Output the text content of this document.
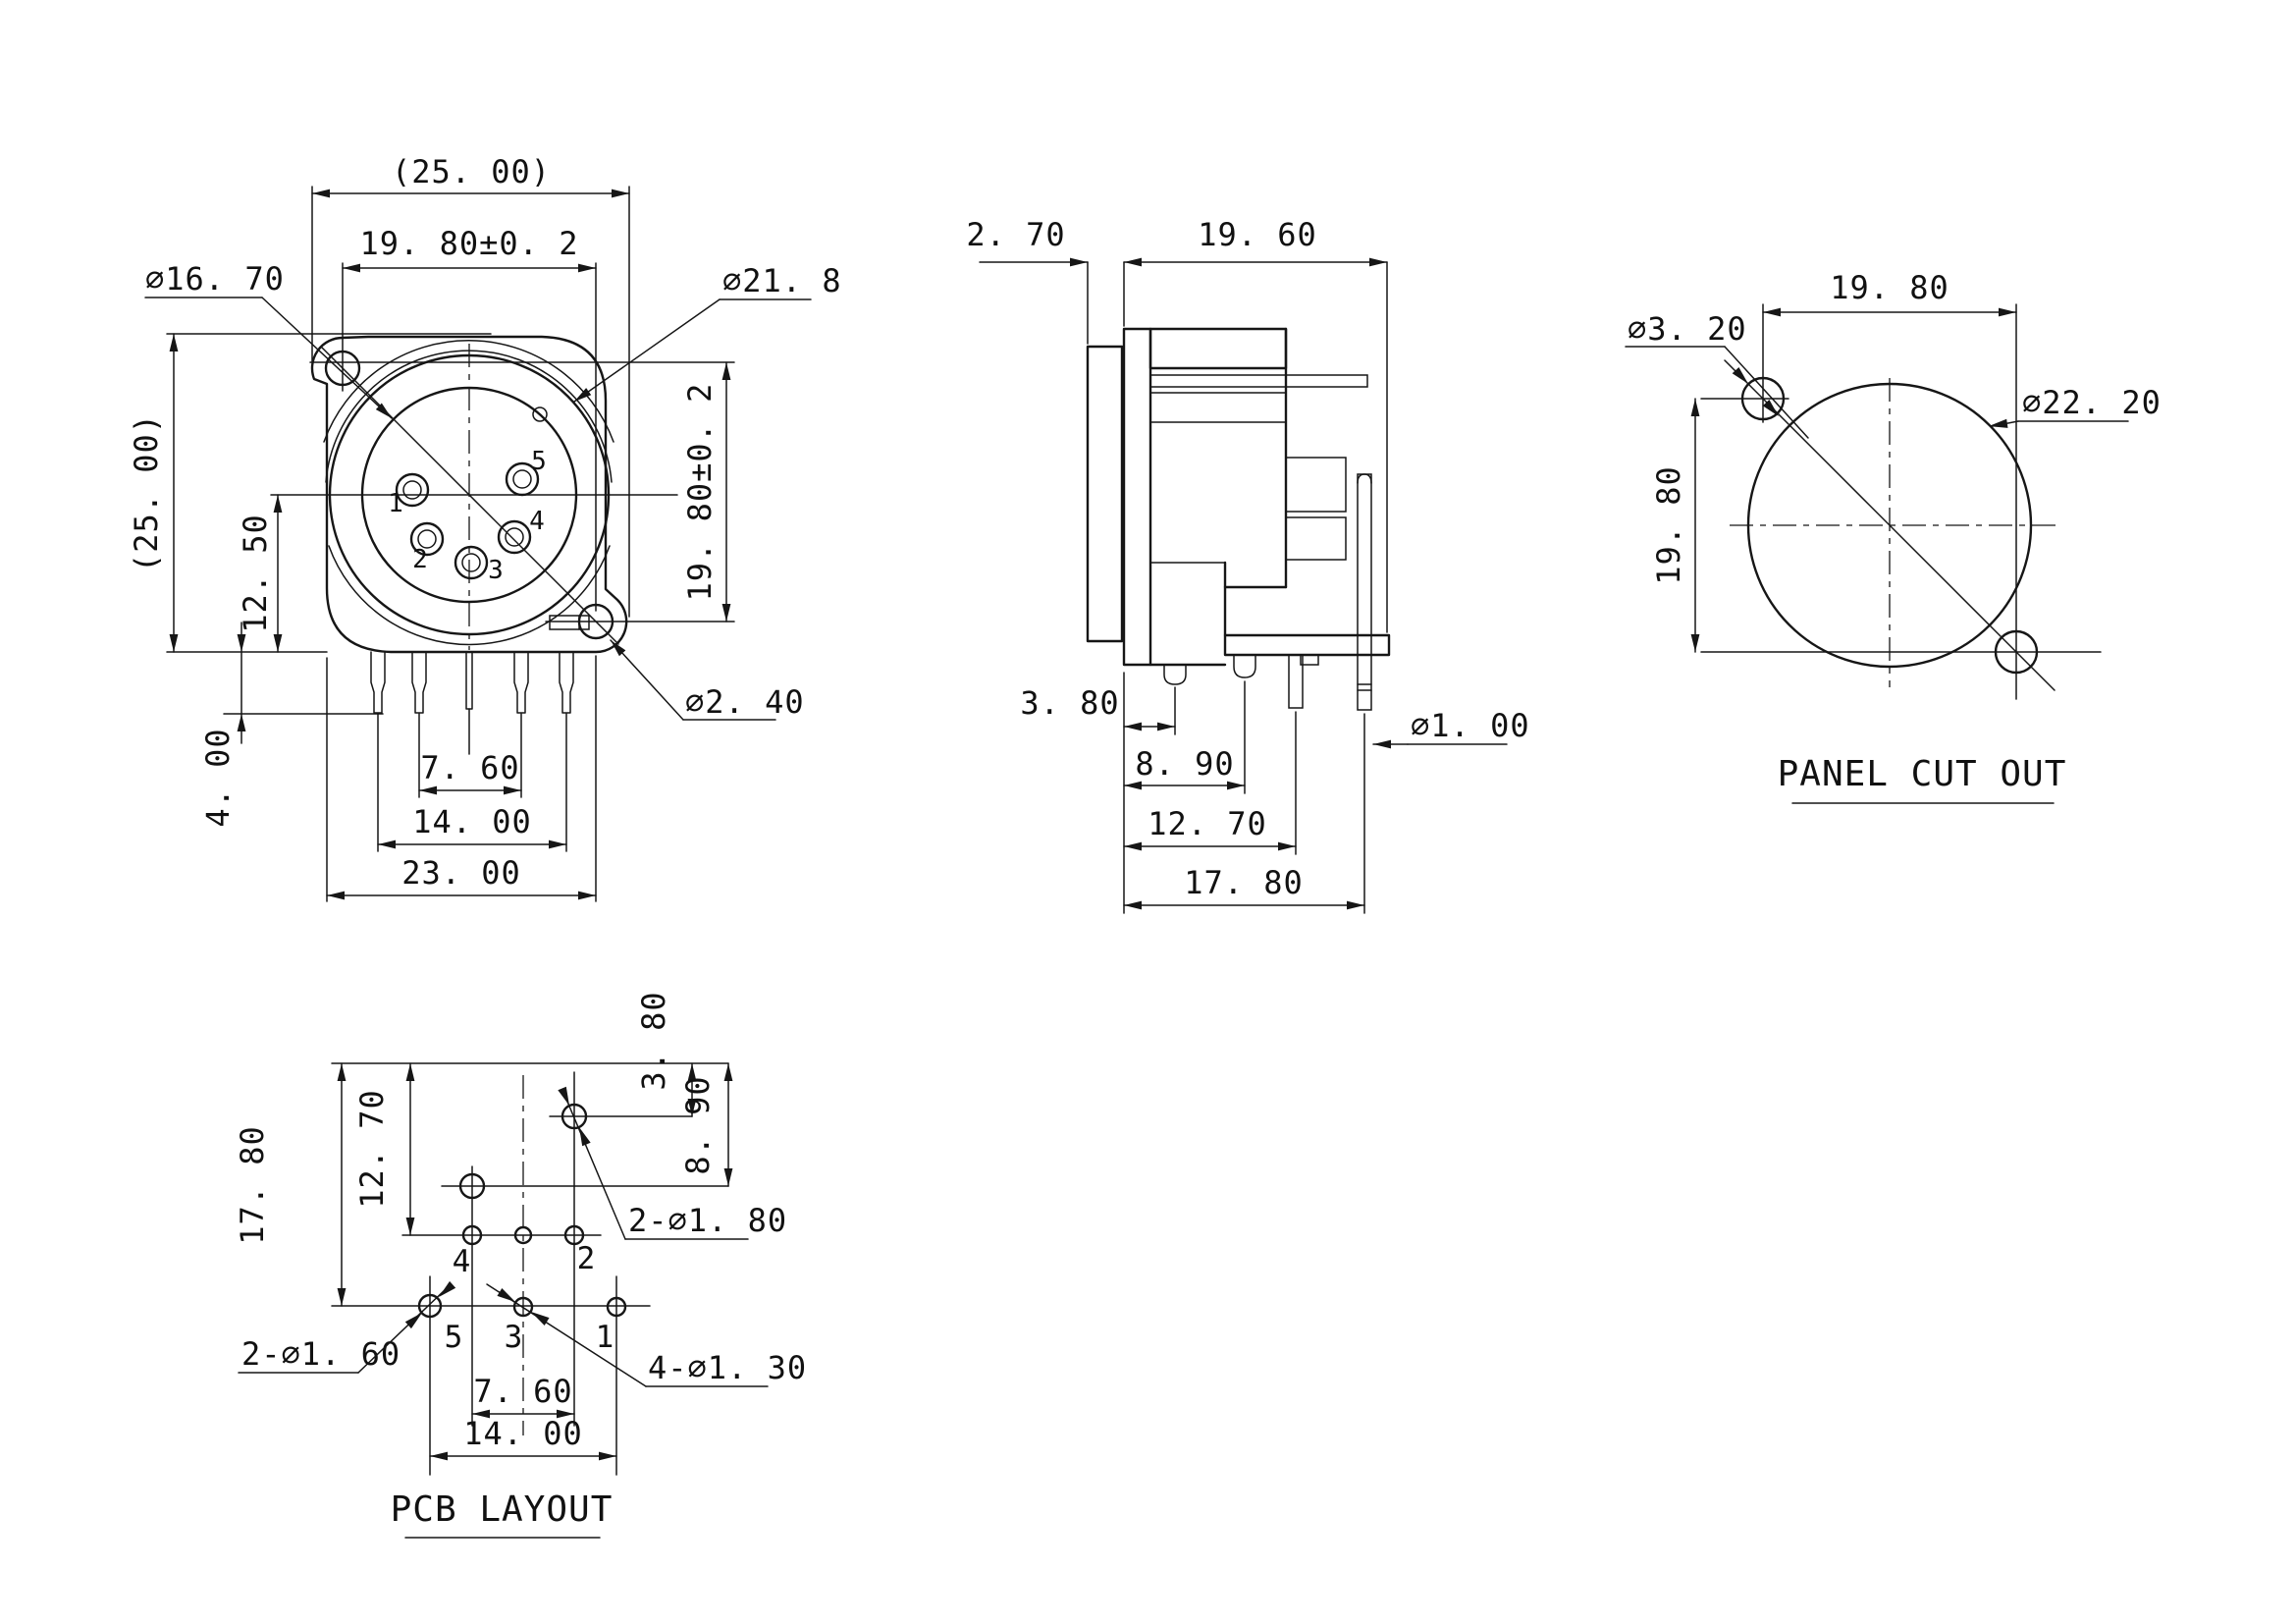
1
2 3
4
5
(25. 00)
19. 80±0. 2
∅16. 70
(25. 00)
12. 50
4. 00	7. 60
14. 00
23. 00
∅21. 8
19. 80±0. 2
∅2. 40
2. 70	19. 60
3. 80
8. 90
12. 70
17. 80
∅1. 00
19. 80
19. 80
∅3. 20
∅22. 20
PANEL CUT OUT
17. 80	12. 70
3. 80
8. 90
7. 60
14. 00
2-∅1. 80
2-∅1. 60	4-∅1. 30
4	2
5 3 1
PCB LAYOUT
